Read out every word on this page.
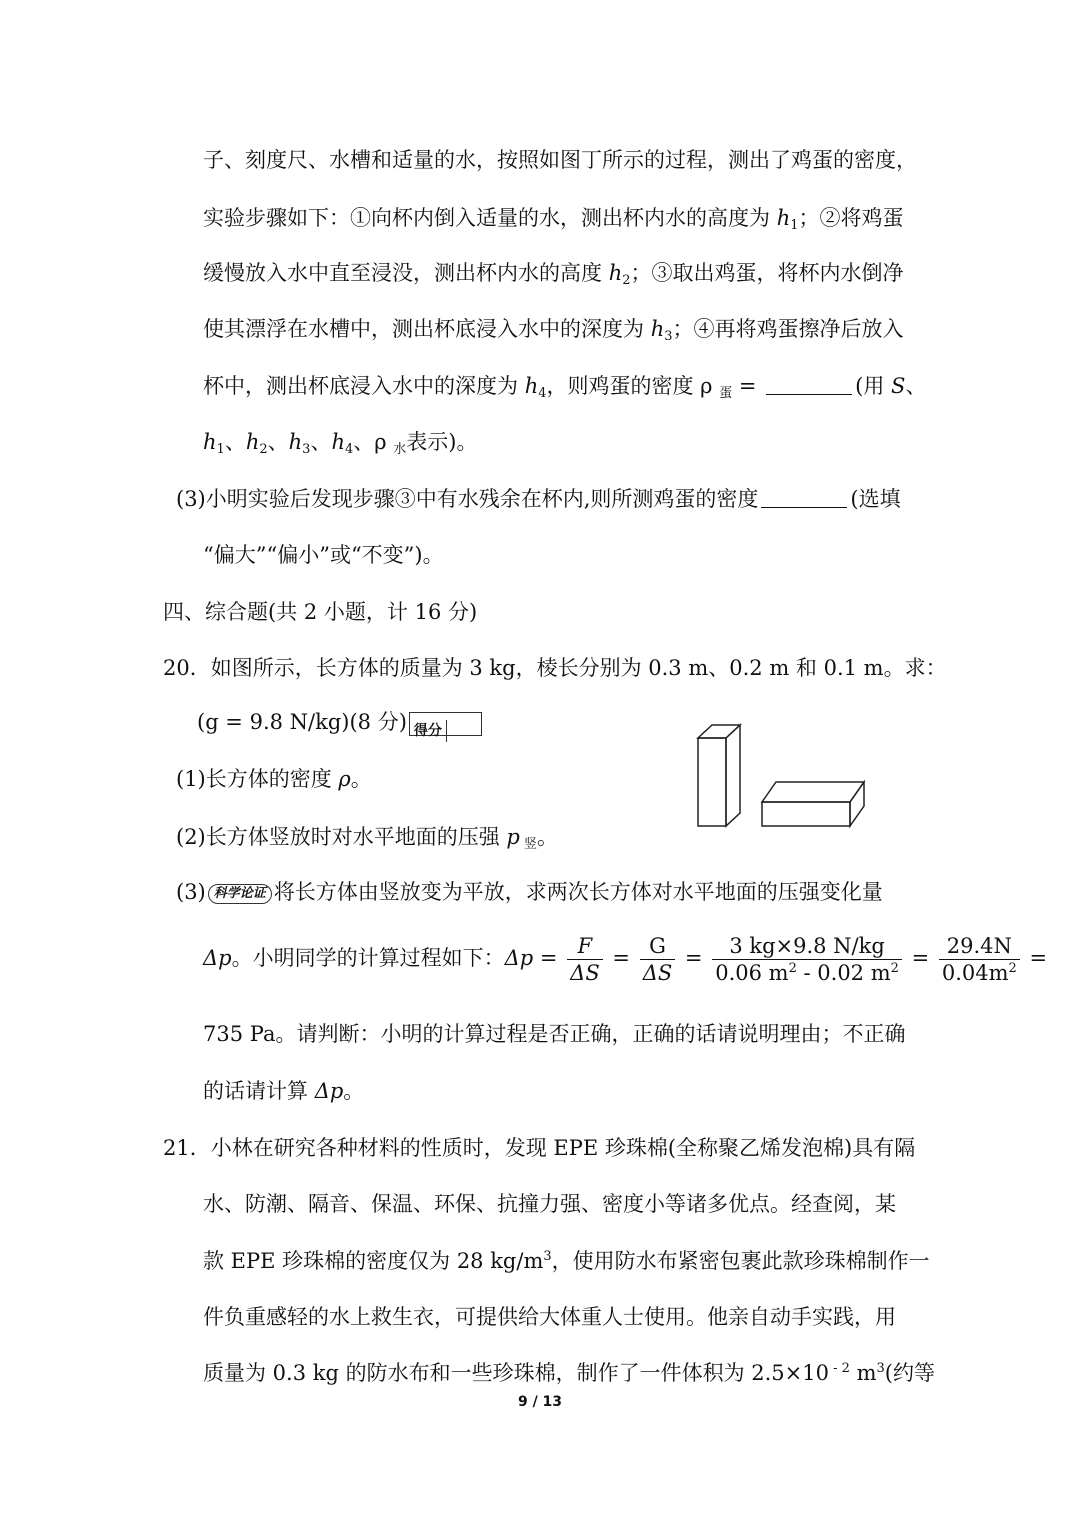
子、刻度尺、水槽和适量的水，按照如图丁所示的过程，测出了鸡蛋的密度，
实验步骤如下：①向杯内倒入适量的水，测出杯内水的高度为 $h_1$；②将鸡蛋
缓慢放入水中直至浸没，测出杯内水的高度 $h_2$；③取出鸡蛋，将杯内水倒净
使其漂浮在水槽中，测出杯底浸入水中的深度为 $h_3$；④再将鸡蛋擦净后放入
杯中，测出杯底浸入水中的深度为 $h_4$，则鸡蛋的密度 ρ $_蛋$ =	(用 S、
$h_1$、$h_2$、$h_3$、$h_4$、ρ $_水$表示)。
(3)小明实验后发现步骤③中有水残余在杯内,则所测鸡蛋的密度	(选填
“偏大”“偏小”或“不变”)。
四、综合题(共 2 小题，计 16 分)
20．如图所示，长方体的质量为 3 kg，棱长分别为 0.3 m、0.2 m 和 0.1 m。求：
(g = 9.8 N/kg)(8 分) 得分
(1)长方体的密度 ρ。
(2)长方体竖放时对水平地面的压强 p $_竖$。
(3) 科学论证 将长方体由竖放变为平放，求两次长方体对水平地面的压强变化量
Δp。小明同学的计算过程如下：$\Delta p = \frac{F}{\Delta S} = \frac{G}{\Delta S} = \frac{3 kg\times 9.8 N/kg}{0.06 m^2 - 0.02 m^2} = \frac{29.4N}{0.04m^2}$ =
735 Pa。请判断：小明的计算过程是否正确，正确的话请说明理由；不正确
的话请计算 Δp。
21．小林在研究各种材料的性质时，发现 EPE 珍珠棉(全称聚乙烯发泡棉)具有隔
水、防潮、隔音、保温、环保、抗撞力强、密度小等诸多优点。经查阅，某
款 EPE 珍珠棉的密度仅为 28 $kg/m^3$，使用防水布紧密包裹此款珍珠棉制作一
件负重感轻的水上救生衣，可提供给大体重人士使用。他亲自动手实践，用
质量为 0.3 kg 的防水布和一些珍珠棉，制作了一件体积为 2.5×10 $^{- 2}$ $m^3$(约等
9 / 13
